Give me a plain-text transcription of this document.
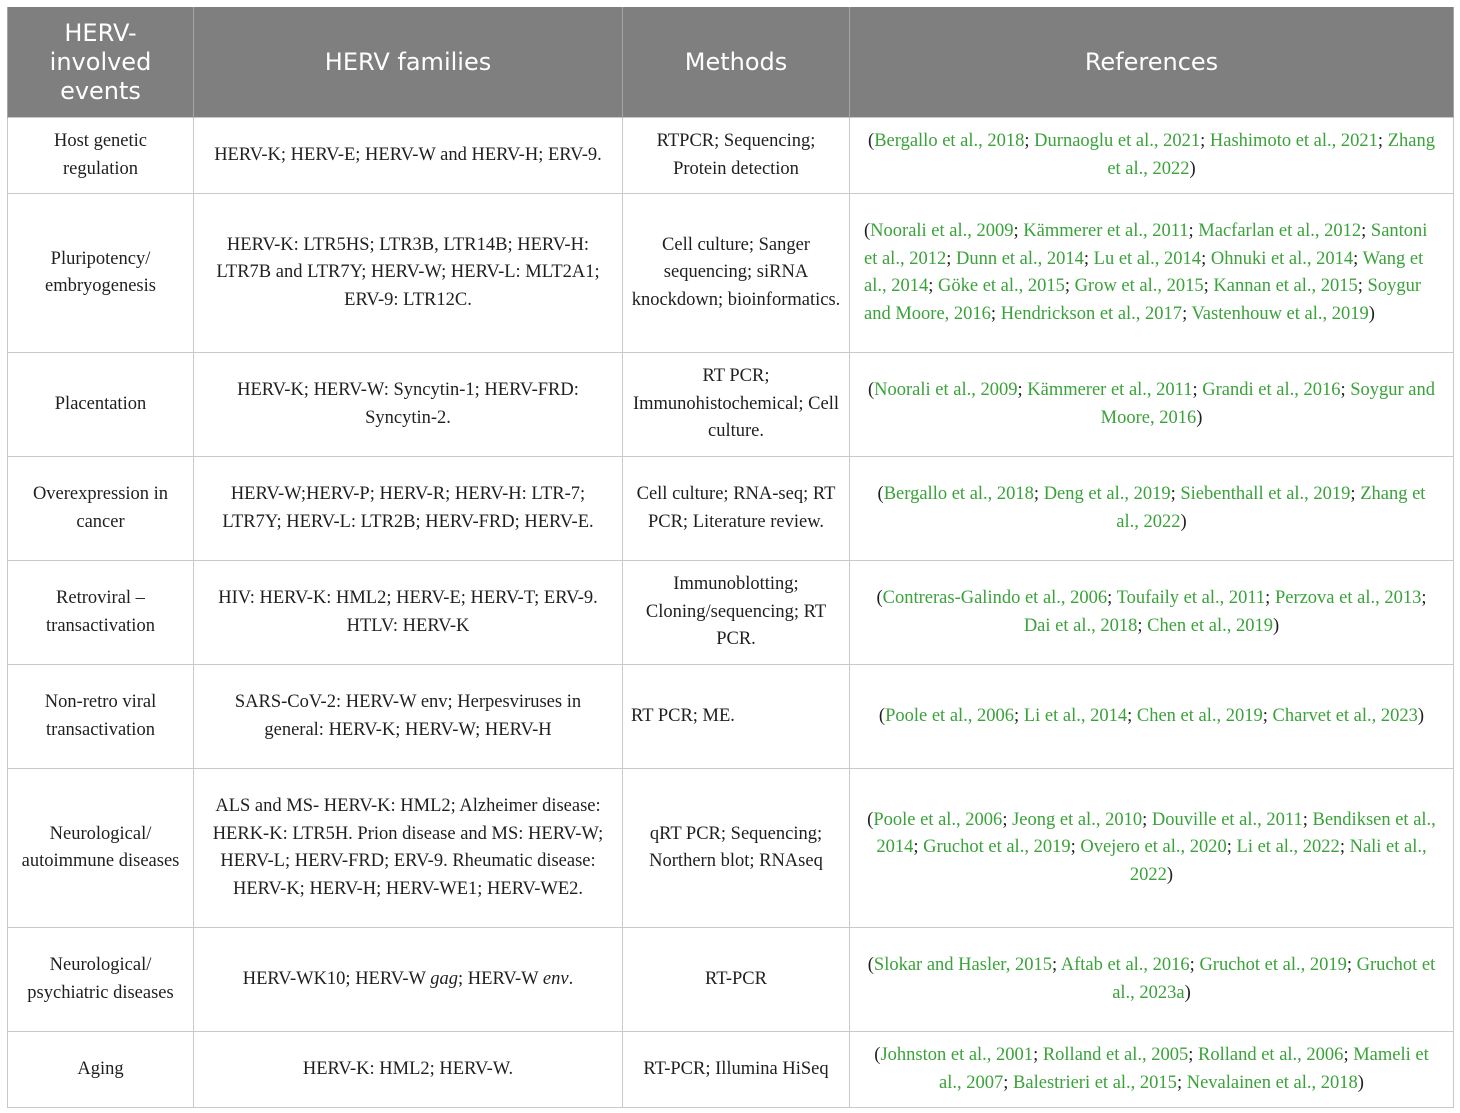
HERV-involved events	HERV families	Methods	References
Host genetic regulation	HERV-K; HERV-E; HERV-W and HERV-H; ERV-9.	RTPCR; Sequencing; Protein detection	(Bergallo et al., 2018; Durnaoglu et al., 2021; Hashimoto et al., 2021; Zhang et al., 2022)
Pluripotency/ embryogenesis	HERV-K: LTR5HS; LTR3B, LTR14B; HERV-H: LTR7B and LTR7Y; HERV-W; HERV-L: MLT2A1; ERV-9: LTR12C.	Cell culture; Sanger sequencing; siRNA knockdown; bioinformatics.	(Noorali et al., 2009; Kämmerer et al., 2011; Macfarlan et al., 2012; Santoni et al., 2012; Dunn et al., 2014; Lu et al., 2014; Ohnuki et al., 2014; Wang et al., 2014; Göke et al., 2015; Grow et al., 2015; Kannan et al., 2015; Soygur and Moore, 2016; Hendrickson et al., 2017; Vastenhouw et al., 2019)
Placentation	HERV-K; HERV-W: Syncytin-1; HERV-FRD: Syncytin-2.	RT PCR; Immunohistochemical; Cell culture.	(Noorali et al., 2009; Kämmerer et al., 2011; Grandi et al., 2016; Soygur and Moore, 2016)
Overexpression in cancer	HERV-W;HERV-P; HERV-R; HERV-H: LTR-7; LTR7Y; HERV-L: LTR2B; HERV-FRD; HERV-E.	Cell culture; RNA-seq; RT PCR; Literature review.	(Bergallo et al., 2018; Deng et al., 2019; Siebenthall et al., 2019; Zhang et al., 2022)
Retroviral – transactivation	HIV: HERV-K: HML2; HERV-E; HERV-T; ERV-9. HTLV: HERV-K	Immunoblotting; Cloning/sequencing; RT PCR.	(Contreras-Galindo et al., 2006; Toufaily et al., 2011; Perzova et al., 2013; Dai et al., 2018; Chen et al., 2019)
Non-retro viral transactivation	SARS-CoV-2: HERV-W env; Herpesviruses in general: HERV-K; HERV-W; HERV-H	RT PCR; ME.	(Poole et al., 2006; Li et al., 2014; Chen et al., 2019; Charvet et al., 2023)
Neurological/ autoimmune diseases	ALS and MS- HERV-K: HML2; Alzheimer disease: HERK-K: LTR5H. Prion disease and MS: HERV-W; HERV-L; HERV-FRD; ERV-9. Rheumatic disease: HERV-K; HERV-H; HERV-WE1; HERV-WE2.	qRT PCR; Sequencing; Northern blot; RNAseq	(Poole et al., 2006; Jeong et al., 2010; Douville et al., 2011; Bendiksen et al., 2014; Gruchot et al., 2019; Ovejero et al., 2020; Li et al., 2022; Nali et al., 2022)
Neurological/ psychiatric diseases	HERV-WK10; HERV-W gag; HERV-W env.	RT-PCR	(Slokar and Hasler, 2015; Aftab et al., 2016; Gruchot et al., 2019; Gruchot et al., 2023a)
Aging	HERV-K: HML2; HERV-W.	RT-PCR; Illumina HiSeq	(Johnston et al., 2001; Rolland et al., 2005; Rolland et al., 2006; Mameli et al., 2007; Balestrieri et al., 2015; Nevalainen et al., 2018)
